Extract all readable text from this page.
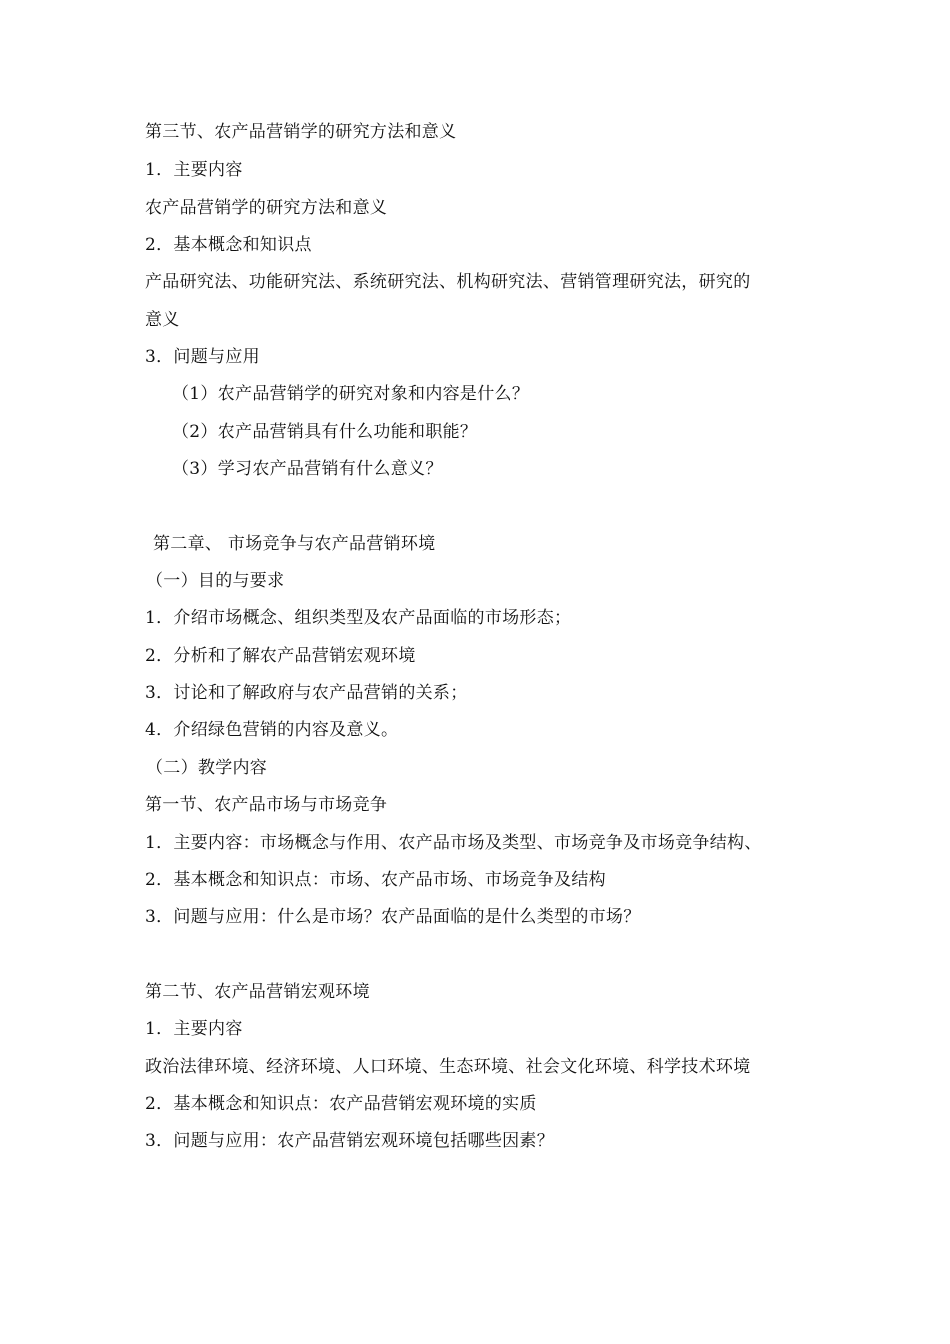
第三节、农产品营销学的研究方法和意义
1．主要内容
农产品营销学的研究方法和意义
2．基本概念和知识点
产品研究法、功能研究法、系统研究法、机构研究法、营销管理研究法，研究的
意义
3．问题与应用
（1）农产品营销学的研究对象和内容是什么？
（2）农产品营销具有什么功能和职能？
（3）学习农产品营销有什么意义？
第二章、 市场竞争与农产品营销环境
（一）目的与要求
1．介绍市场概念、组织类型及农产品面临的市场形态；
2．分析和了解农产品营销宏观环境
3．讨论和了解政府与农产品营销的关系；
4．介绍绿色营销的内容及意义。
（二）教学内容
第一节、农产品市场与市场竞争
1．主要内容：市场概念与作用、农产品市场及类型、市场竞争及市场竞争结构、
2．基本概念和知识点：市场、农产品市场、市场竞争及结构
3．问题与应用：什么是市场？农产品面临的是什么类型的市场？
第二节、农产品营销宏观环境
1．主要内容
政治法律环境、经济环境、人口环境、生态环境、社会文化环境、科学技术环境
2．基本概念和知识点：农产品营销宏观环境的实质
3．问题与应用：农产品营销宏观环境包括哪些因素？
